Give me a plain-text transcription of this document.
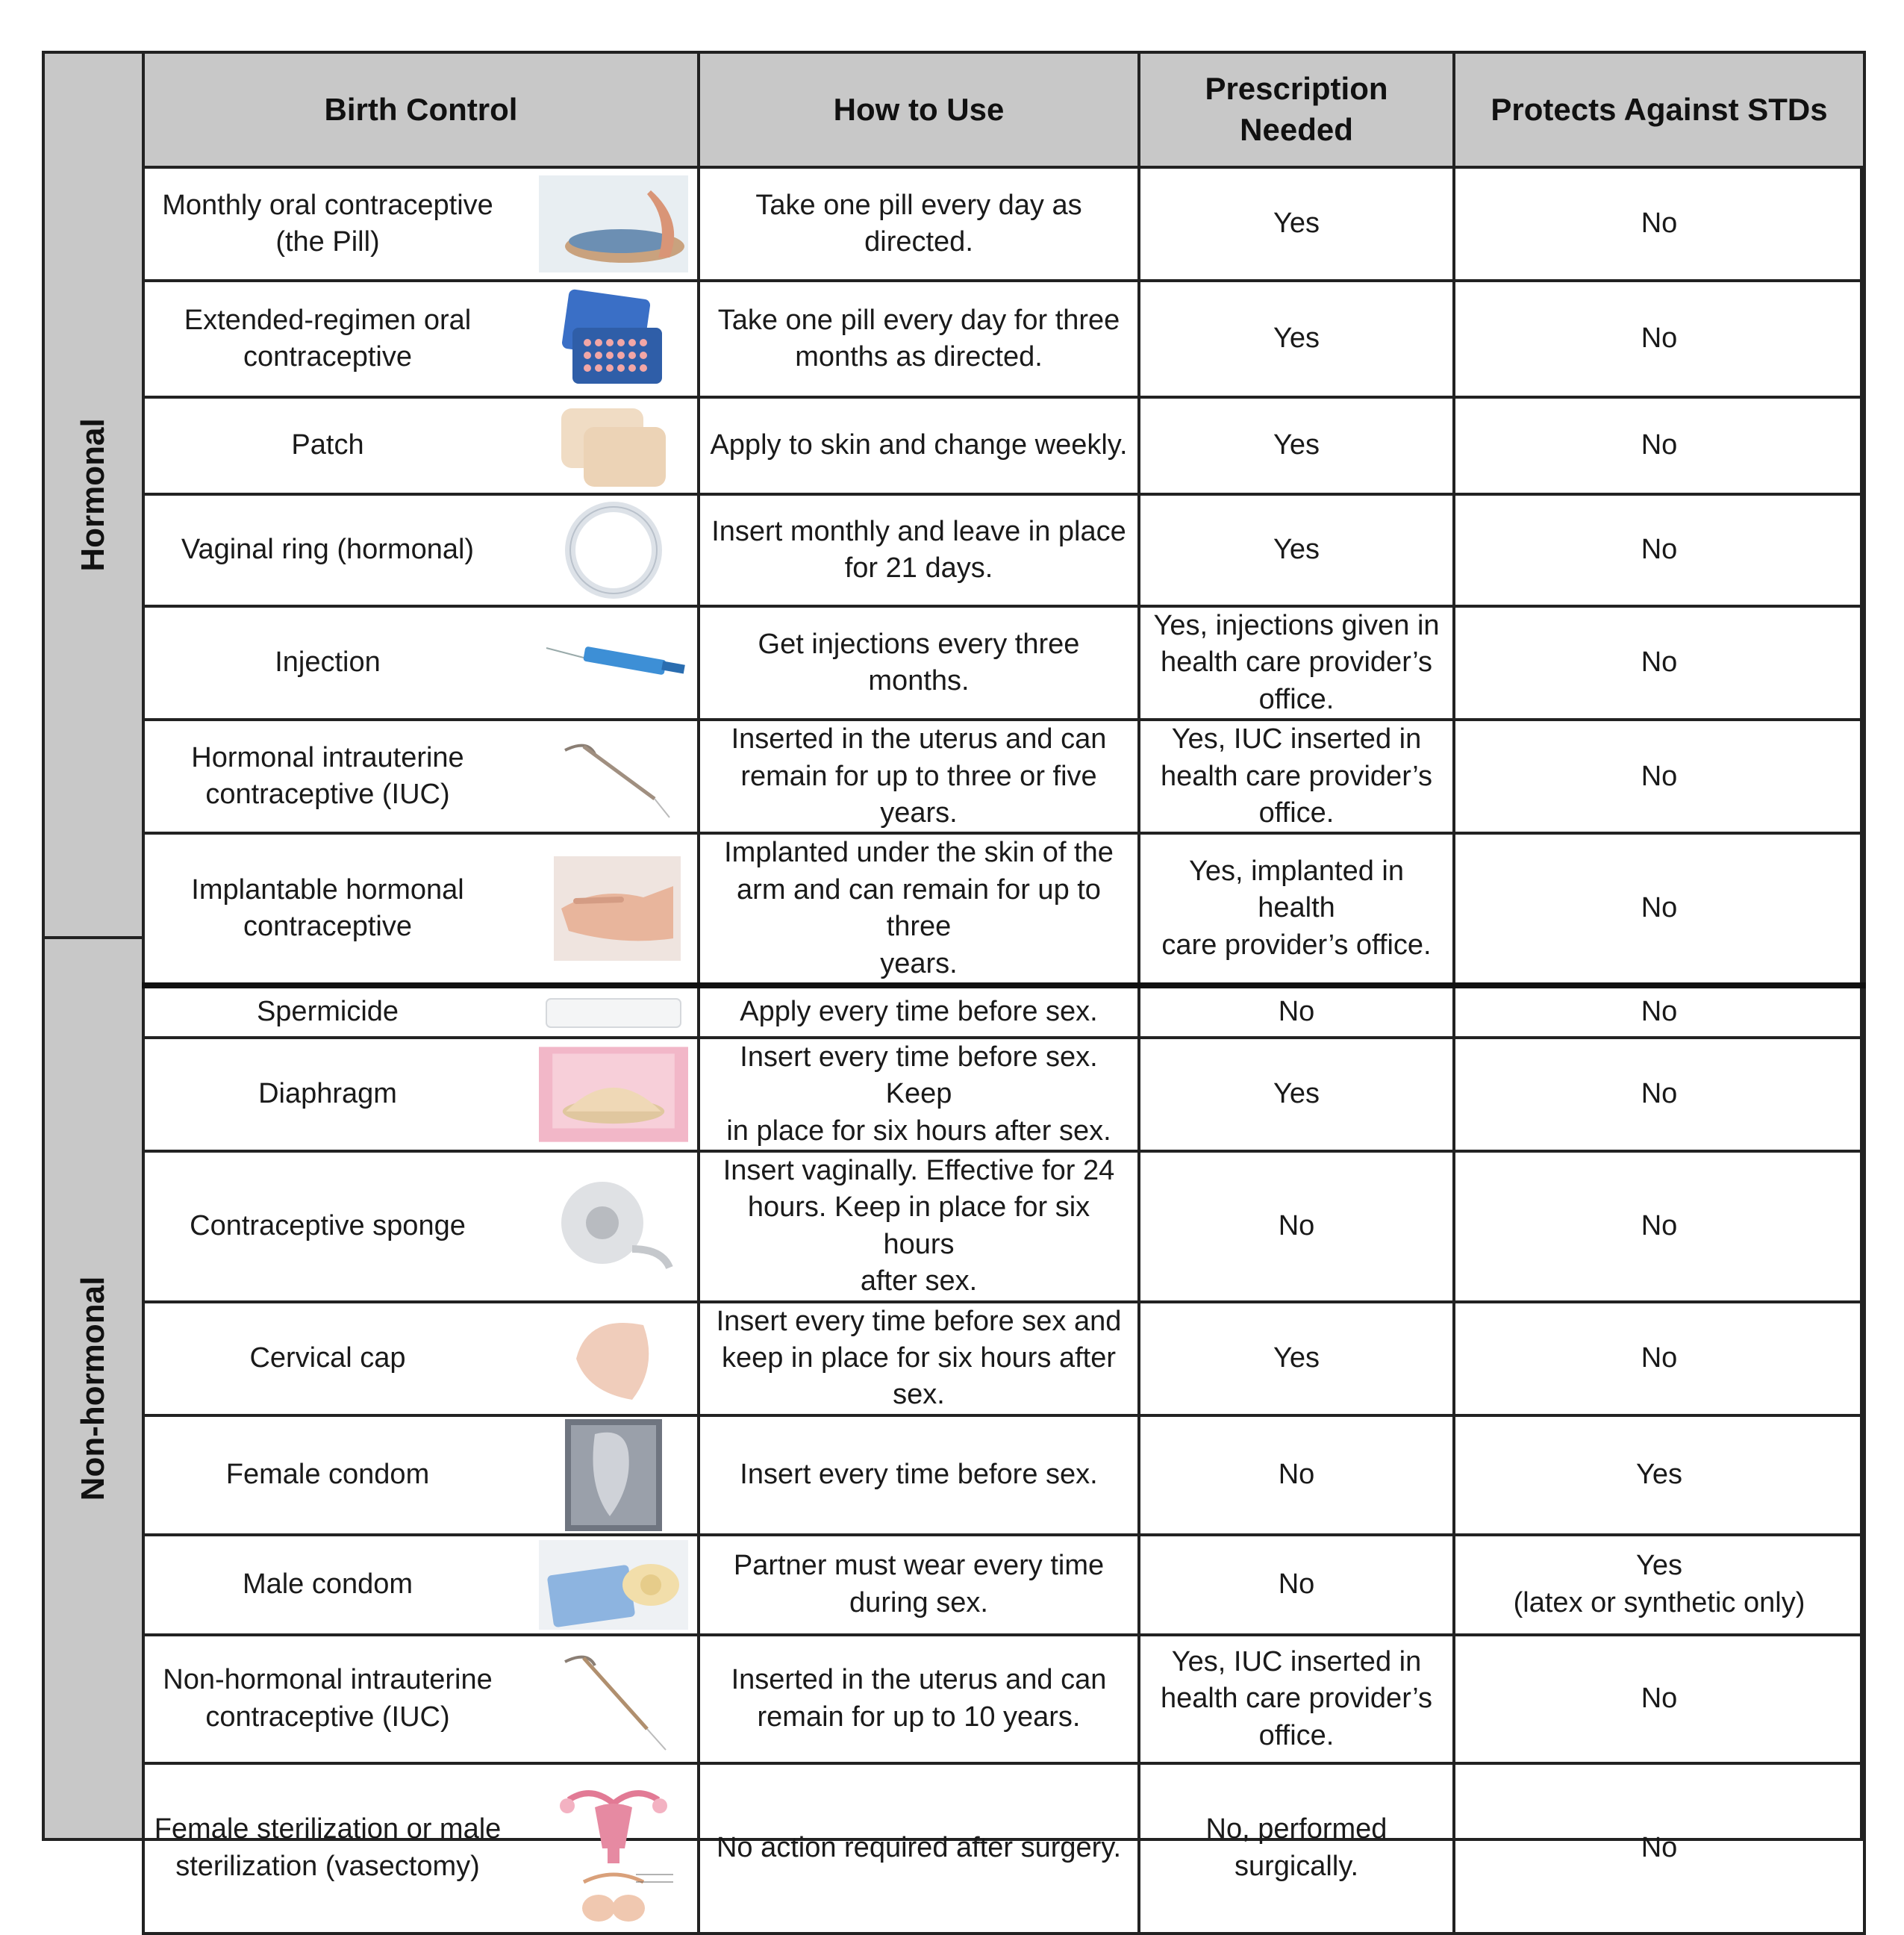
Hormonal
Non-hormonal
Birth Control	How to Use	Prescription Needed	Protects Against STDs

Monthly oral contraceptive (the Pill)	Take one pill every day as
directed.	Yes	No

Extended-regimen oral contraceptive	Take one pill every day for three
months as directed.	Yes	No

Patch	Apply to skin and change weekly.	Yes	No

Vaginal ring (hormonal)	Insert monthly and leave in place
for 21 days.	Yes	No

Injection	Get injections every three months.	Yes, injections given in
health care provider’s
office.	No

Hormonal intrauterine contraceptive (IUC)	Inserted in the uterus and can
remain for up to three or five years.	Yes, IUC inserted in
health care provider’s
office.	No

Implantable hormonal contraceptive	Implanted under the skin of the
arm and can remain for up to three
years.	Yes, implanted in health
care provider’s office.	No

Spermicide	Apply every time before sex.	No	No

Diaphragm	Insert every time before sex. Keep
in place for six hours after sex.	Yes	No

Contraceptive sponge	Insert vaginally. Effective for 24
hours. Keep in place for six hours
after sex.	No	No

Cervical cap	Insert every time before sex and
keep in place for six hours after
sex.	Yes	No

Female condom	Insert every time before sex.	No	Yes

Male condom	Partner must wear every time
during sex.	No	Yes
(latex or synthetic only)

Non-hormonal intrauterine contraceptive (IUC)	Inserted in the uterus and can
remain for up to 10 years.	Yes, IUC inserted in
health care provider’s
office.	No

Female sterilization or male sterilization (vasectomy)	No action required after surgery.	No, performed
surgically.	No
